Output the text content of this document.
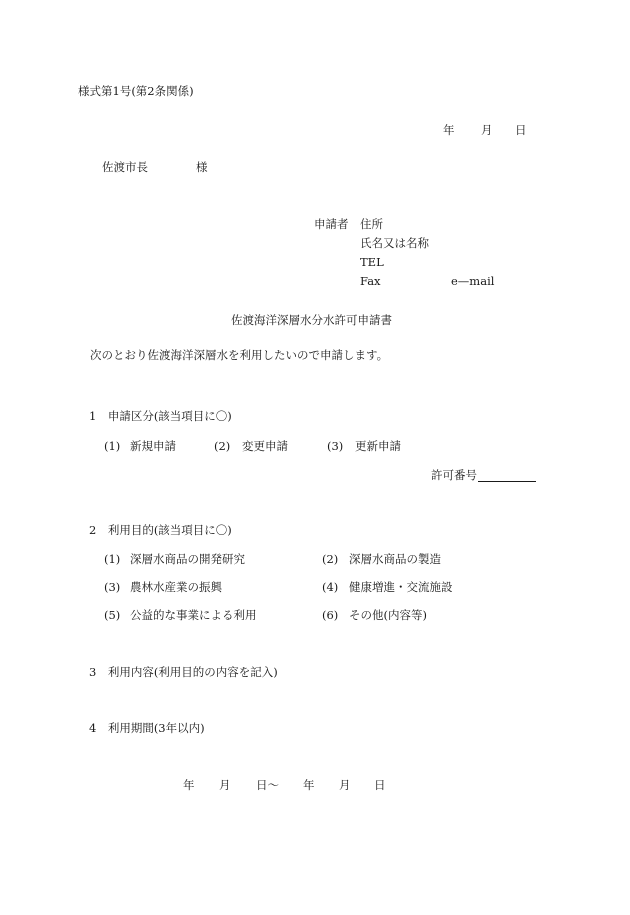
様式第1号(第2条関係)
年 月 日
佐渡市長	様
申請者 住所
氏名又は名称
TEL
Fax	e—mail
佐渡海洋深層水分水許可申請書
次のとおり佐渡海洋深層水を利用したいので申請します。
1　申請区分(該当項目に〇)
(1) 新規申請	(2) 変更申請	(3) 更新申請
許可番号
2　利用目的(該当項目に〇)
(1) 深層水商品の開発研究	(2) 深層水商品の製造
(3) 農林水産業の振興	(4) 健康増進・交流施設
(5) 公益的な事業による利用	(6) その他(内容等)
3　利用内容(利用目的の内容を記入)
4　利用期間(3年以内)
年 月 日〜 年 月 日
